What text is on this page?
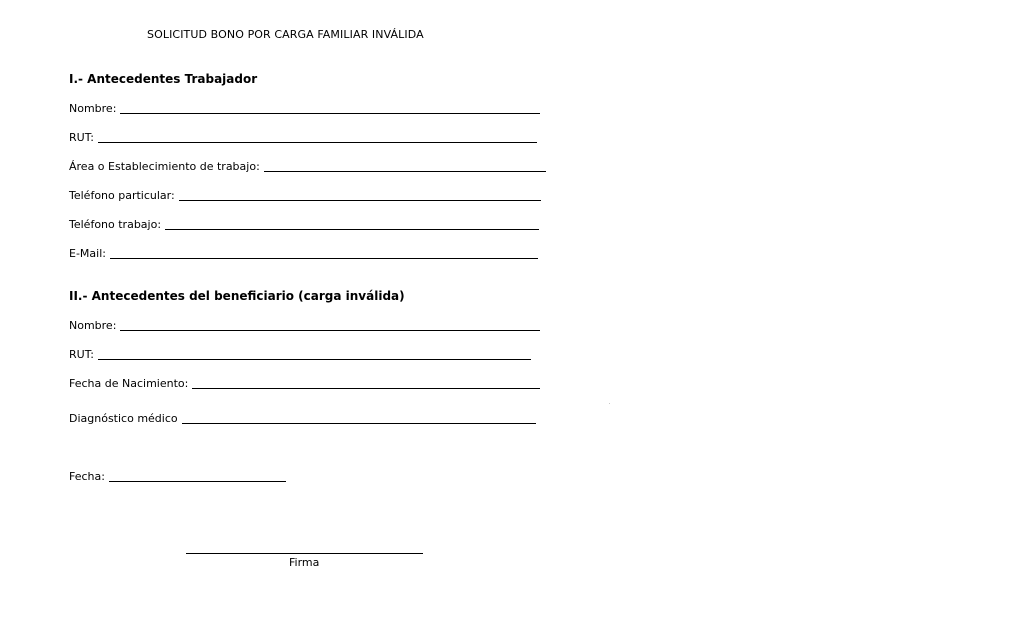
SOLICITUD BONO POR CARGA FAMILIAR INVÁLIDA
I.- Antecedentes Trabajador
Nombre:
RUT:
Área o Establecimiento de trabajo:
Teléfono particular:
Teléfono trabajo:
E-Mail:
II.- Antecedentes del beneficiario (carga inválida)
Nombre:
RUT:
Fecha de Nacimiento:
Diagnóstico médico
Fecha:
Firma
